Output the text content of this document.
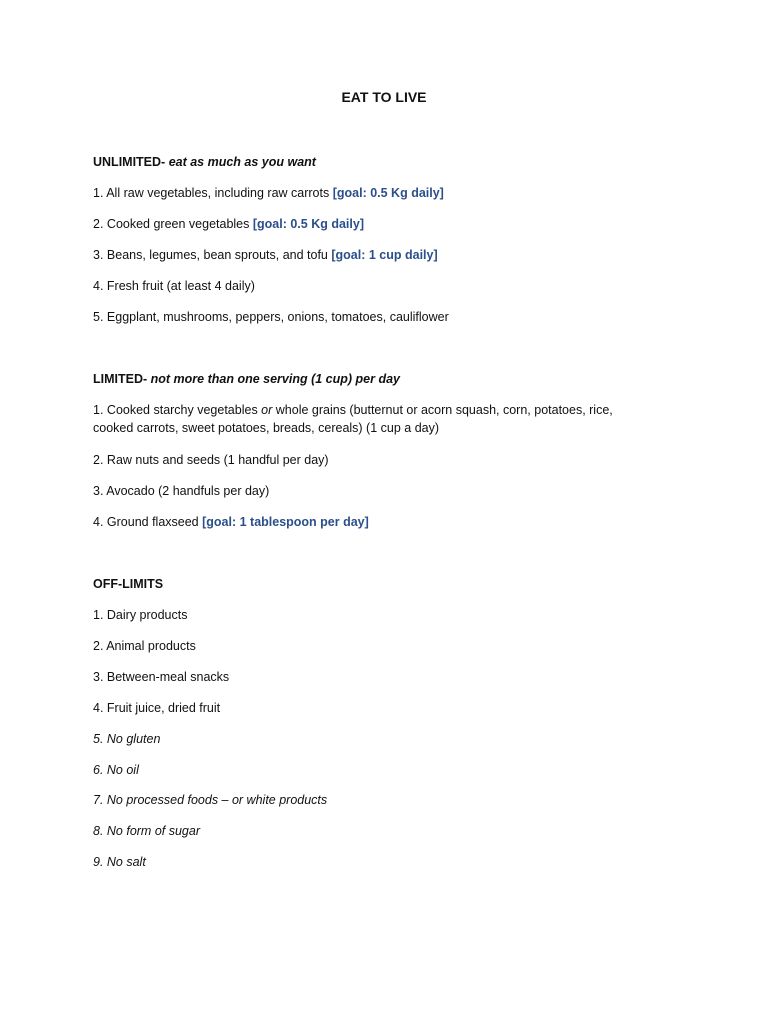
EAT TO LIVE
UNLIMITED- eat as much as you want
1. All raw vegetables, including raw carrots [goal: 0.5 Kg daily]
2. Cooked green vegetables [goal: 0.5 Kg daily]
3. Beans, legumes, bean sprouts, and tofu [goal: 1 cup daily]
4. Fresh fruit (at least 4 daily)
5. Eggplant, mushrooms, peppers, onions, tomatoes, cauliflower
LIMITED- not more than one serving (1 cup) per day
1. Cooked starchy vegetables or whole grains (butternut or acorn squash, corn, potatoes, rice, cooked carrots, sweet potatoes, breads, cereals) (1 cup a day)
2. Raw nuts and seeds (1 handful per day)
3. Avocado (2 handfuls per day)
4. Ground flaxseed [goal: 1 tablespoon per day]
OFF-LIMITS
1. Dairy products
2. Animal products
3. Between-meal snacks
4. Fruit juice, dried fruit
5. No gluten
6. No oil
7. No processed foods – or white products
8. No form of sugar
9. No salt
